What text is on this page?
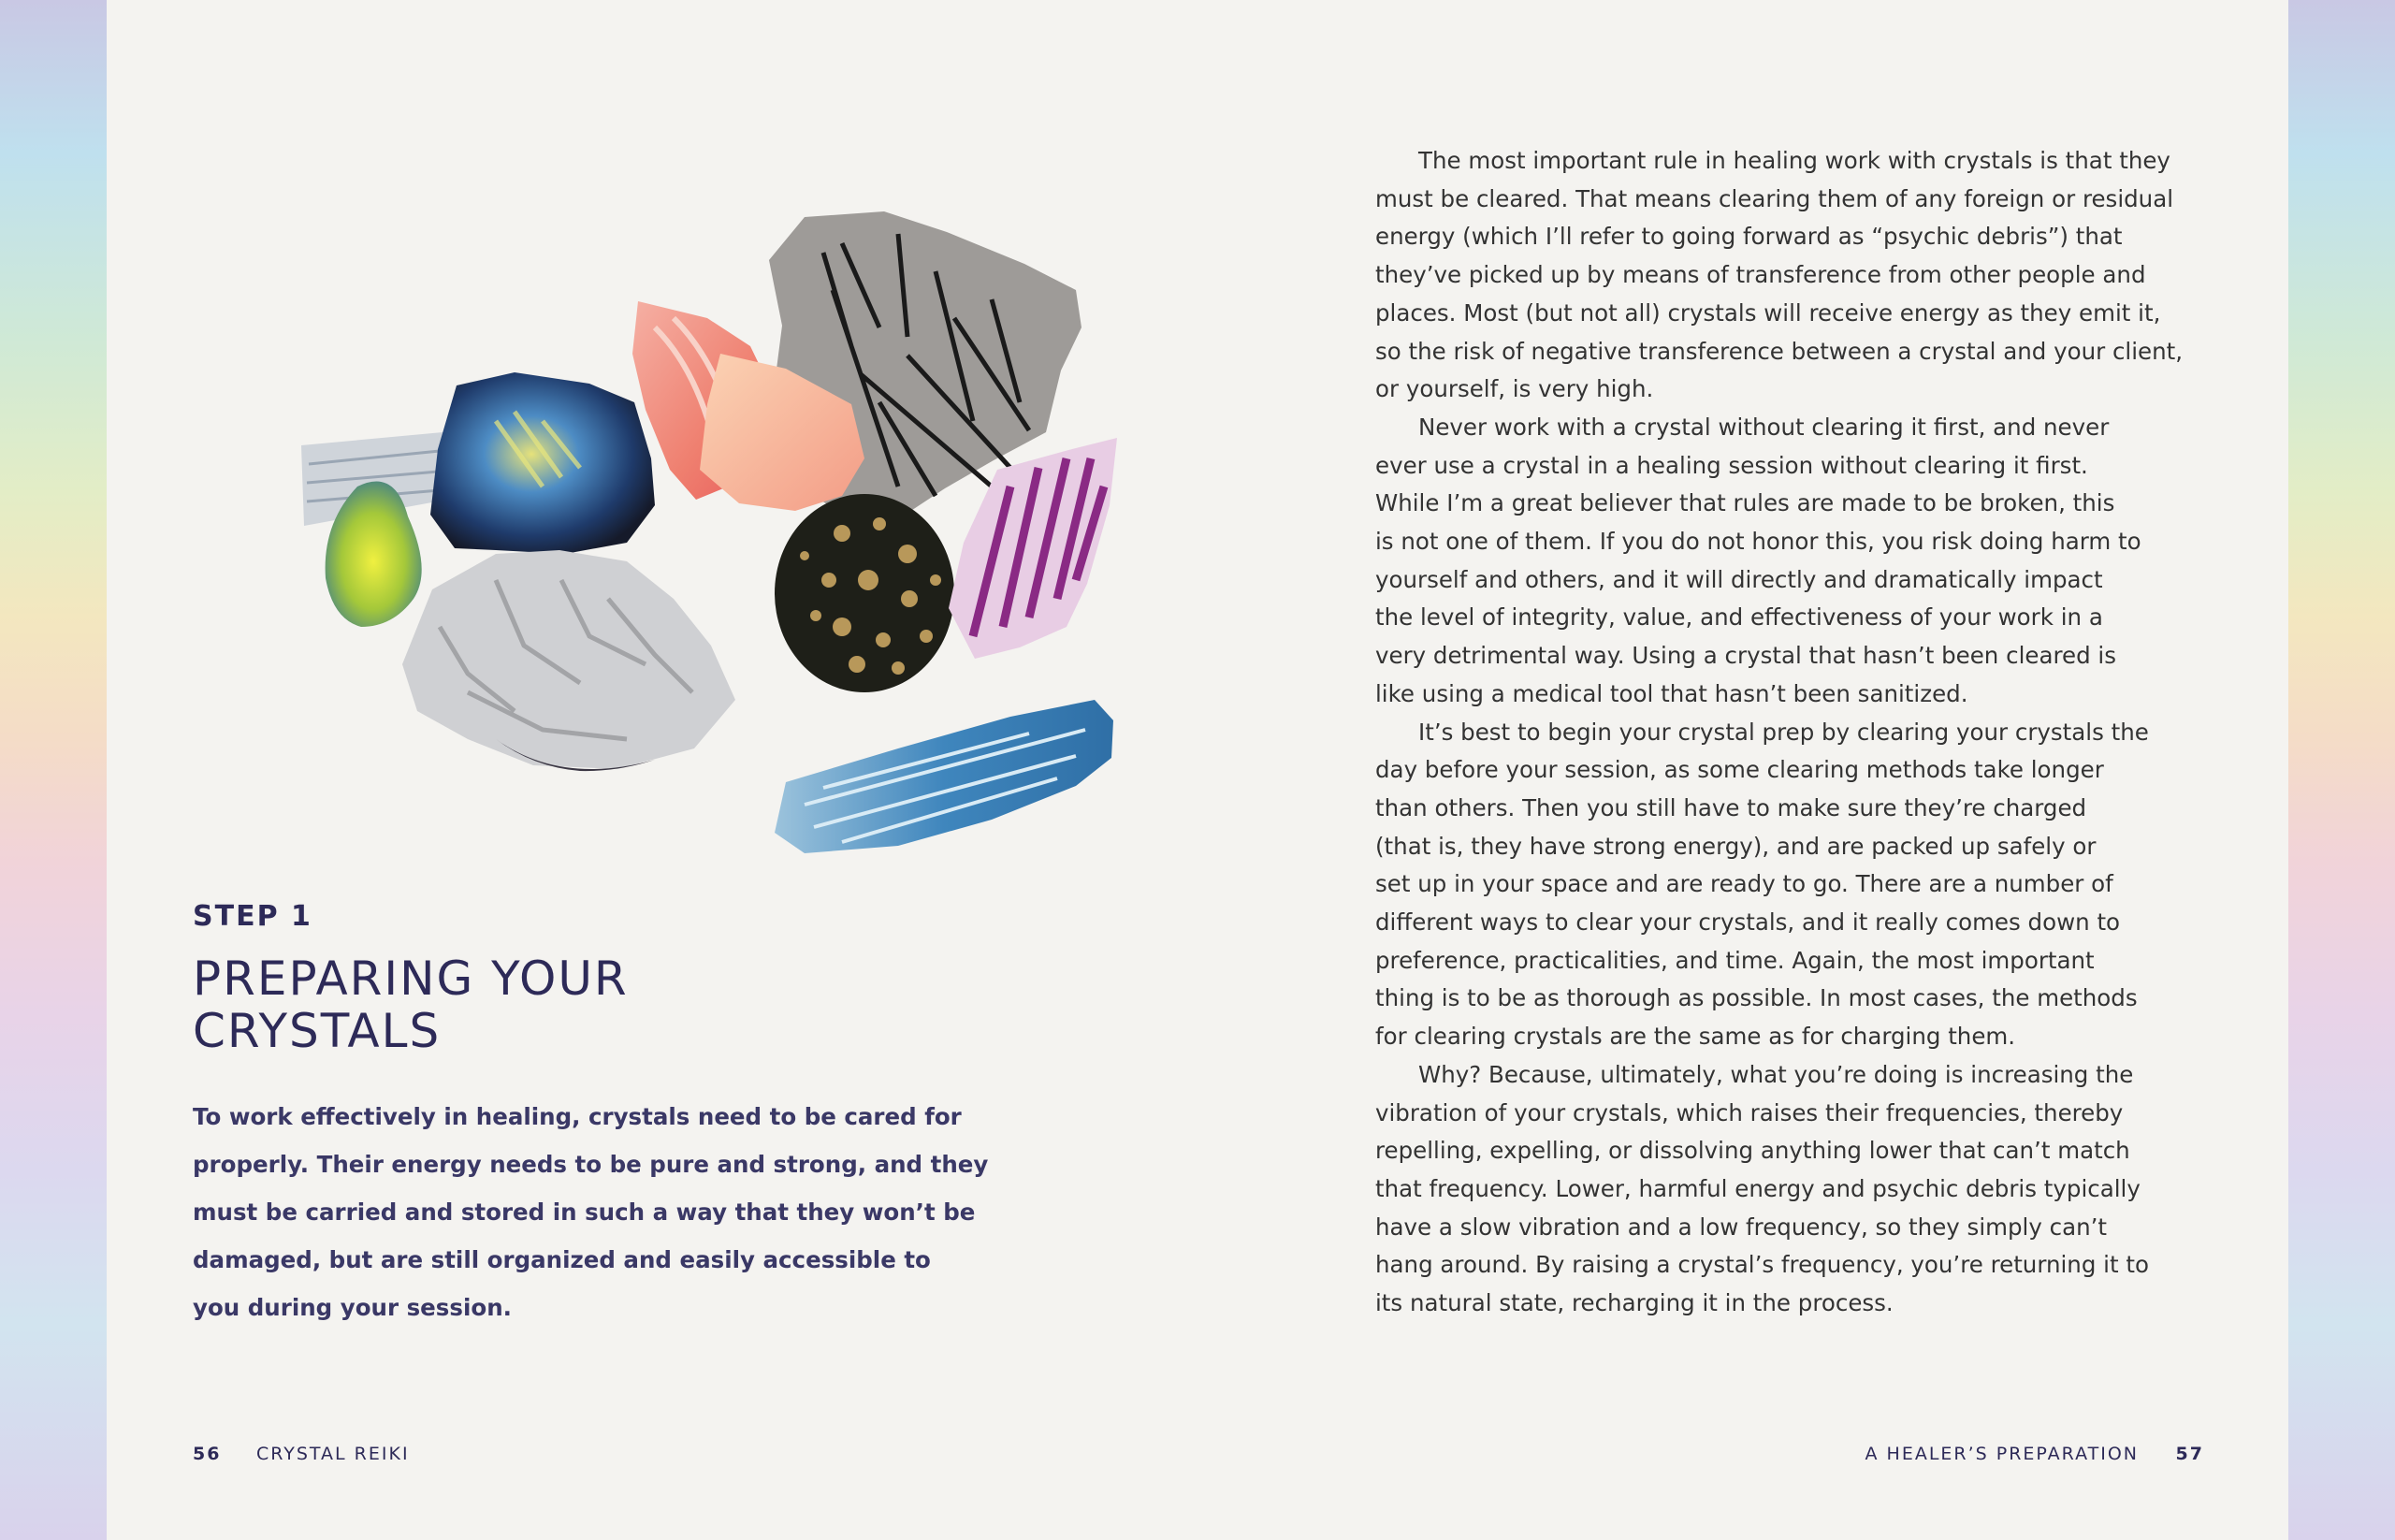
STEP 1
PREPARING YOUR
CRYSTALS
To work effectively in healing, crystals need to be cared for
properly. Their energy needs to be pure and strong, and they
must be carried and stored in such a way that they won’t be
damaged, but are still organized and easily accessible to
you during your session.
56 CRYSTAL REIKI

The most important rule in healing work with crystals is that they
must be cleared. That means clearing them of any foreign or residual
energy (which I’ll refer to going forward as “psychic debris”) that
they’ve picked up by means of transference from other people and
places. Most (but not all) crystals will receive energy as they emit it,
so the risk of negative transference between a crystal and your client,
or yourself, is very high.

Never work with a crystal without clearing it first, and never
ever use a crystal in a healing session without clearing it first.
While I’m a great believer that rules are made to be broken, this
is not one of them. If you do not honor this, you risk doing harm to
yourself and others, and it will directly and dramatically impact
the level of integrity, value, and effectiveness of your work in a
very detrimental way. Using a crystal that hasn’t been cleared is
like using a medical tool that hasn’t been sanitized.

It’s best to begin your crystal prep by clearing your crystals the
day before your session, as some clearing methods take longer
than others. Then you still have to make sure they’re charged
(that is, they have strong energy), and are packed up safely or
set up in your space and are ready to go. There are a number of
different ways to clear your crystals, and it really comes down to
preference, practicalities, and time. Again, the most important
thing is to be as thorough as possible. In most cases, the methods
for clearing crystals are the same as for charging them.

Why? Because, ultimately, what you’re doing is increasing the
vibration of your crystals, which raises their frequencies, thereby
repelling, expelling, or dissolving anything lower that can’t match
that frequency. Lower, harmful energy and psychic debris typically
have a slow vibration and a low frequency, so they simply can’t
hang around. By raising a crystal’s frequency, you’re returning it to
its natural state, recharging it in the process.

A HEALER’S PREPARATION 57
